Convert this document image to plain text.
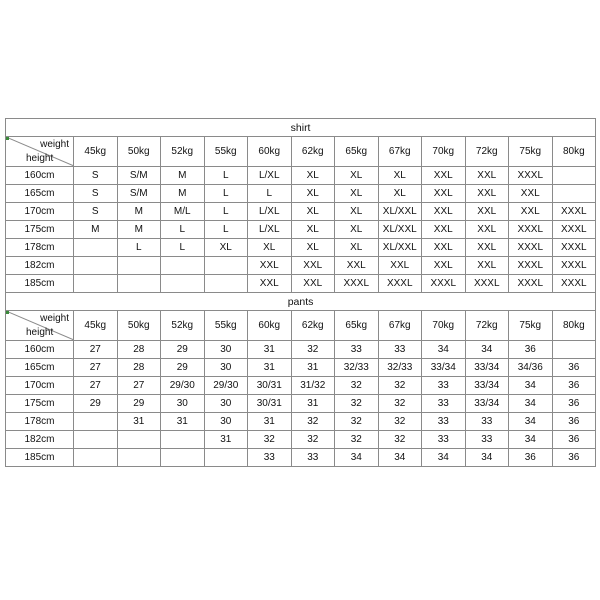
shirt												

weight
height	45kg	50kg	52kg	55kg	60kg	62kg	65kg	67kg	70kg	72kg	75kg	80kg
160cm	S	S/M	M	L	L/XL	XL	XL	XL	XXL	XXL	XXXL	
165cm	S	S/M	M	L	L	XL	XL	XL	XXL	XXL	XXL	
170cm	S	M	M/L	L	L/XL	XL	XL	XL/XXL	XXL	XXL	XXL	XXXL
175cm	M	M	L	L	L/XL	XL	XL	XL/XXL	XXL	XXL	XXXL	XXXL
178cm		L	L	XL	XL	XL	XL	XL/XXL	XXL	XXL	XXXL	XXXL
182cm					XXL	XXL	XXL	XXL	XXL	XXL	XXXL	XXXL
185cm					XXL	XXL	XXXL	XXXL	XXXL	XXXL	XXXL	XXXL
pants												

weight
height	45kg	50kg	52kg	55kg	60kg	62kg	65kg	67kg	70kg	72kg	75kg	80kg
160cm	27	28	29	30	31	32	33	33	34	34	36	
165cm	27	28	29	30	31	31	32/33	32/33	33/34	33/34	34/36	36
170cm	27	27	29/30	29/30	30/31	31/32	32	32	33	33/34	34	36
175cm	29	29	30	30	30/31	31	32	32	33	33/34	34	36
178cm		31	31	30	31	32	32	32	33	33	34	36
182cm				31	32	32	32	32	33	33	34	36
185cm					33	33	34	34	34	34	36	36
